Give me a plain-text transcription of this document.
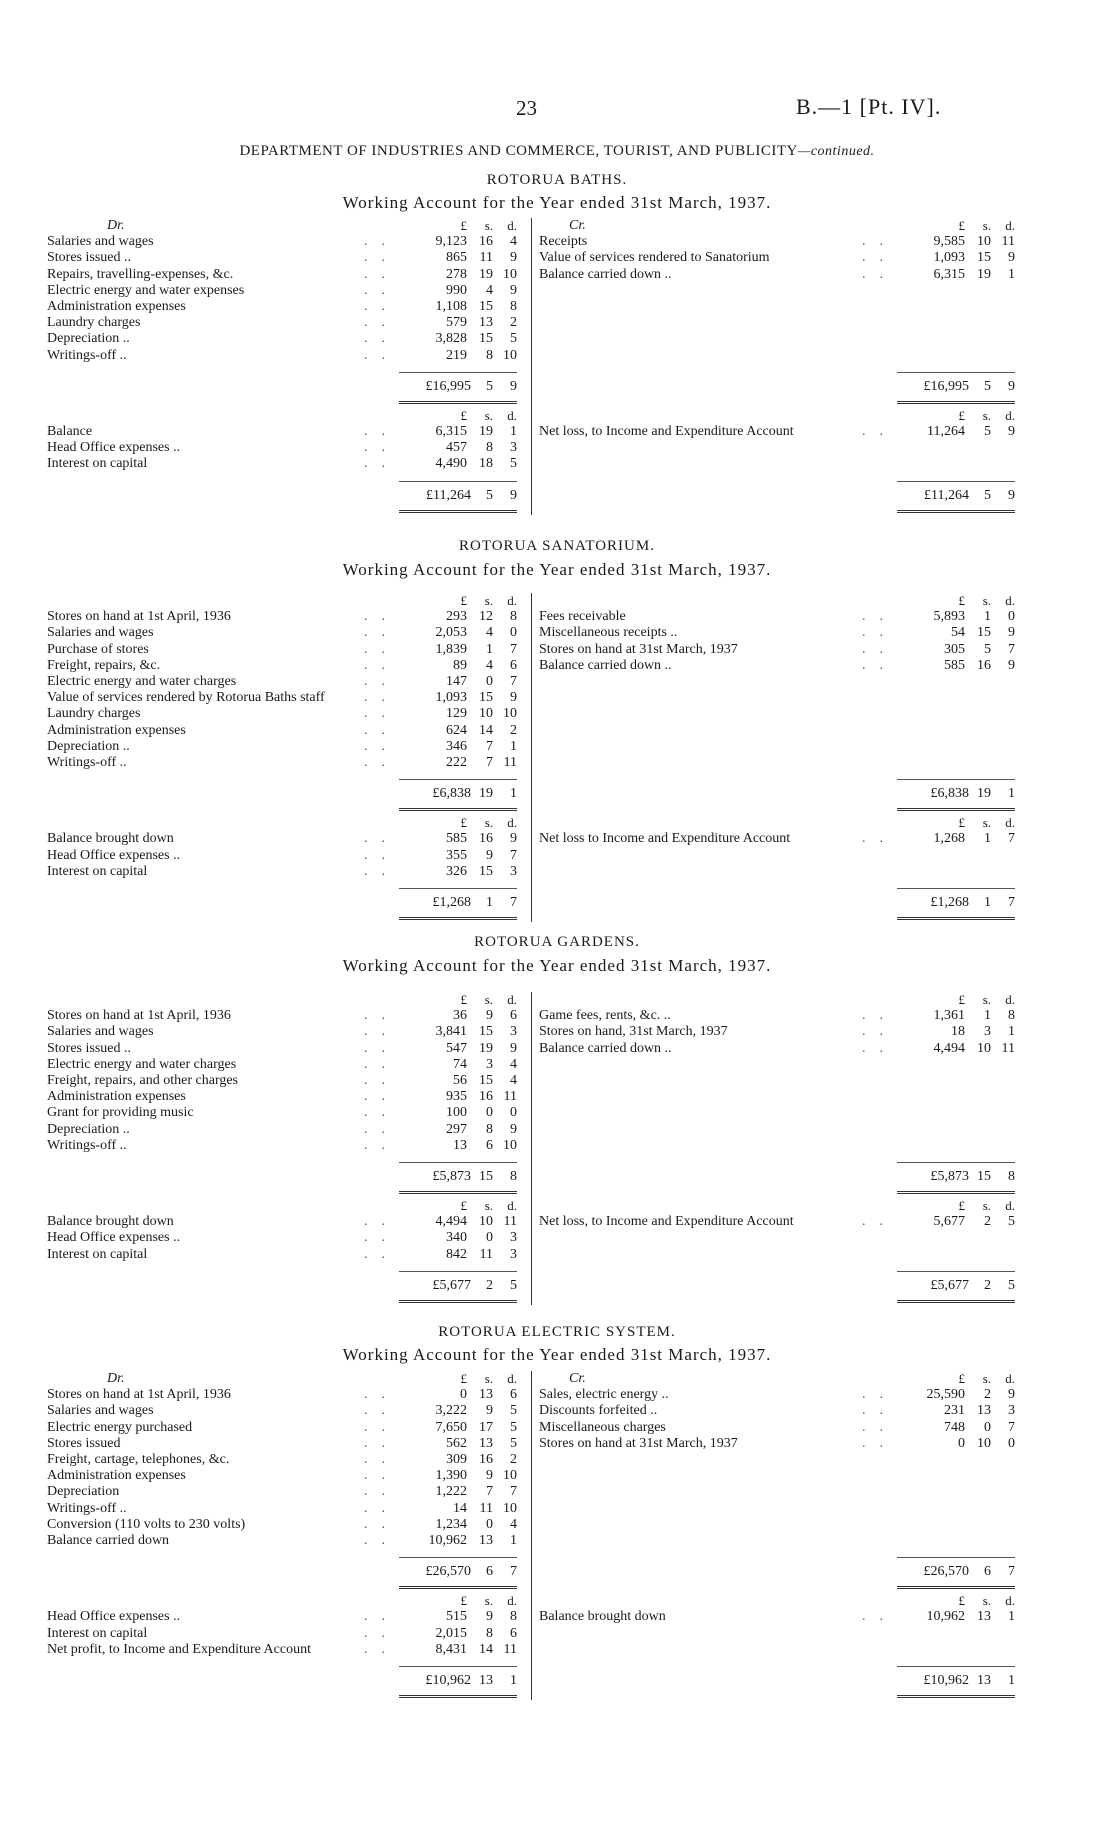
23	B.—1 [Pt. IV].
DEPARTMENT OF INDUSTRIES AND COMMERCE, TOURIST, AND PUBLICITY—continued.
ROTORUA BATHS.
Working Account for the Year ended 31st March, 1937.
Dr.	£	s.	d.
Salaries and wages	..	9,123 16	4
Stores issued ..	..	865 11	9
Repairs, travelling-expenses, &c.	..	278 19 10
Electric energy and water expenses	..	990	4	9
Administration expenses	..	1,108 15	8
Laundry charges	..	579 13	2
Depreciation ..	..	3,828 15	5
Writings-off ..	..	219	8 10
£16,995	5	9
£	s.	d.
Balance	..	6,315 19	1
Head Office expenses ..	..	457	8	3
Interest on capital	..	4,490 18	5
£11,264	5	9
Cr.	£	s.	d.
Receipts	..	9,585 10 11
Value of services rendered to Sanatorium	..	1,093 15	9
Balance carried down ..	..	6,315 19	1
£16,995	5	9
£	s.	d.
Net loss, to Income and Expenditure Account	..	11,264	5	9
£11,264	5	9
ROTORUA SANATORIUM.
Working Account for the Year ended 31st March, 1937.
£	s.	d.
Stores on hand at 1st April, 1936	..	293 12	8
Salaries and wages	..	2,053	4	0
Purchase of stores	..	1,839	1	7
Freight, repairs, &c.	..	89	4	6
Electric energy and water charges	..	147	0	7
Value of services rendered by Rotorua Baths staff	..	1,093 15	9
Laundry charges	..	129 10 10
Administration expenses	..	624 14	2
Depreciation ..	..	346	7	1
Writings-off ..	..	222	7 11
£6,838 19	1
£	s.	d.
Balance brought down	..	585 16	9
Head Office expenses ..	..	355	9	7
Interest on capital	..	326 15	3
£1,268	1	7
£	s.	d.
Fees receivable	..	5,893	1	0
Miscellaneous receipts ..	..	54 15	9
Stores on hand at 31st March, 1937	..	305	5	7
Balance carried down ..	..	585 16	9
£6,838 19	1
£	s.	d.
Net loss to Income and Expenditure Account	..	1,268	1	7
£1,268	1	7
ROTORUA GARDENS.
Working Account for the Year ended 31st March, 1937.
£	s.	d.
Stores on hand at 1st April, 1936	..	36	9	6
Salaries and wages	..	3,841 15	3
Stores issued ..	..	547 19	9
Electric energy and water charges	..	74	3	4
Freight, repairs, and other charges	..	56 15	4
Administration expenses	..	935 16 11
Grant for providing music	..	100	0	0
Depreciation ..	..	297	8	9
Writings-off ..	..	13	6 10
£5,873 15	8
£	s.	d.
Balance brought down	..	4,494 10 11
Head Office expenses ..	..	340	0	3
Interest on capital	..	842 11	3
£5,677	2	5
£	s.	d.
Game fees, rents, &c. ..	..	1,361	1	8
Stores on hand, 31st March, 1937	..	18	3	1
Balance carried down ..	..	4,494 10 11
£5,873 15	8
£	s.	d.
Net loss, to Income and Expenditure Account	..	5,677	2	5
£5,677	2	5
ROTORUA ELECTRIC SYSTEM.
Working Account for the Year ended 31st March, 1937.
Dr.	£	s.	d.
Stores on hand at 1st April, 1936	..	0 13	6
Salaries and wages	..	3,222	9	5
Electric energy purchased	..	7,650 17	5
Stores issued	..	562 13	5
Freight, cartage, telephones, &c.	..	309 16	2
Administration expenses	..	1,390	9 10
Depreciation	..	1,222	7	7
Writings-off ..	..	14 11 10
Conversion (110 volts to 230 volts)	..	1,234	0	4
Balance carried down	..	10,962 13	1
£26,570	6	7
£	s.	d.
Head Office expenses ..	..	515	9	8
Interest on capital	..	2,015	8	6
Net profit, to Income and Expenditure Account	..	8,431 14 11
£10,962 13	1
Cr.	£	s.	d.
Sales, electric energy ..	..	25,590	2	9
Discounts forfeited ..	..	231 13	3
Miscellaneous charges	..	748	0	7
Stores on hand at 31st March, 1937	..	0 10	0
£26,570	6	7
£	s.	d.
Balance brought down	..	10,962 13	1
£10,962 13	1
